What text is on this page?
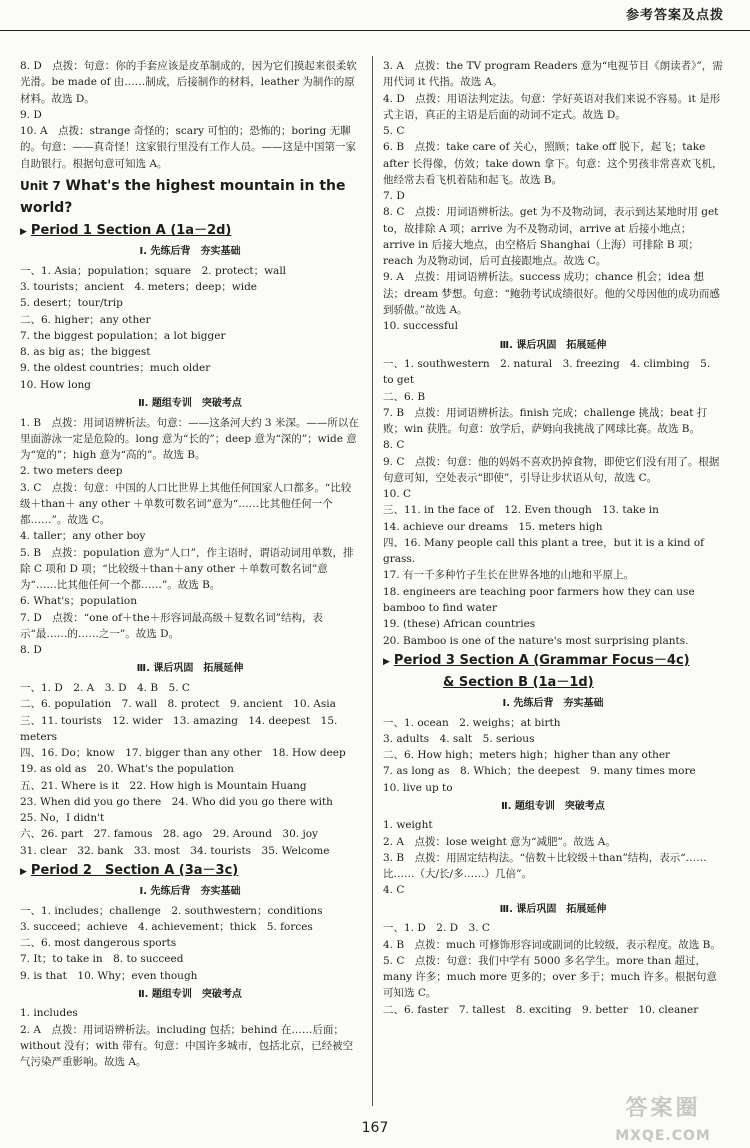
参考答案及点拨

8. D　点拨：句意：你的手套应该是皮革制成的，因为它们摸起来很柔软光滑。be made of 由……制成，后接制作的材料，leather 为制作的原材料。故选 D。

9. D

10. A　点拨：strange 奇怪的；scary 可怕的；恐怖的；boring 无聊的。句意：——真奇怪！这家银行里没有工作人员。——这是中国第一家自助银行。根据句意可知选 A。

Unit 7 What's the highest mountain in the world?
▶ Period 1 Section A (1a－2d)
Ⅰ. 先练后背　夯实基础

一、1. Asia；population；square　2. protect；wall

3. tourists；ancient　4. meters；deep；wide

5. desert；tour/trip

二、6. higher；any other

7. the biggest population；a lot bigger

8. as big as；the biggest

9. the oldest countries；much older

10. How long

Ⅱ. 题组专训　突破考点

1. B　点拨：用词语辨析法。句意：——这条河大约 3 米深。——所以在里面游泳一定是危险的。long 意为“长的”；deep 意为“深的”；wide 意为“宽的”；high 意为“高的”。故选 B。

2. two meters deep

3. C　点拨：句意：中国的人口比世界上其他任何国家人口都多。“比较级＋than＋ any other ＋单数可数名词”意为“……比其他任何一个都……”。故选 C。

4. taller；any other boy

5. B　点拨：population 意为“人口”，作主语时，谓语动词用单数，排除 C 项和 D 项；“比较级＋than＋any other ＋单数可数名词”意为“……比其他任何一个都……”。故选 B。

6. What's；population

7. D　点拨：“one of＋the＋形容词最高级＋复数名词”结构，表示“最……的……之一”。故选 D。

8. D

Ⅲ. 课后巩固　拓展延伸

一、1. D　2. A　3. D　4. B　5. C

二、6. population　7. wall　8. protect　9. ancient　10. Asia

三、11. tourists　12. wider　13. amazing　14. deepest　15. meters

四、16. Do；know　17. bigger than any other　18. How deep

19. as old as　20. What's the population

五、21. Where is it　22. How high is Mountain Huang

23. When did you go there　24. Who did you go there with

25. No，I didn't

六、26. part　27. famous　28. ago　29. Around　30. joy

31. clear　32. bank　33. most　34. tourists　35. Welcome

▶ Period 2　Section A (3a－3c)
Ⅰ. 先练后背　夯实基础

一、1. includes；challenge　2. southwestern；conditions

3. succeed；achieve　4. achievement；thick　5. forces

二、6. most dangerous sports

7. It；to take in　8. to succeed

9. is that　10. Why；even though

Ⅱ. 题组专训　突破考点

1. includes

2. A　点拨：用词语辨析法。including 包括；behind 在……后面；without 没有；with 带有。句意：中国许多城市，包括北京，已经被空气污染严重影响。故选 A。

3. A　点拨：the TV program Readers 意为“电视节目《朗读者》”，需用代词 it 代指。故选 A。

4. D　点拨：用语法判定法。句意：学好英语对我们来说不容易。it 是形式主语，真正的主语是后面的动词不定式。故选 D。

5. C

6. B　点拨：take care of 关心，照顾；take off 脱下，起飞；take after 长得像，仿效；take down 拿下。句意：这个男孩非常喜欢飞机，他经常去看飞机着陆和起飞。故选 B。

7. D

8. C　点拨：用词语辨析法。get 为不及物动词，表示到达某地时用 get to，故排除 A 项；arrive 为不及物动词，arrive at 后接小地点；arrive in 后接大地点，由空格后 Shanghai（上海）可排除 B 项；reach 为及物动词，后可直接跟地点。故选 C。

9. A　点拨：用词语辨析法。success 成功；chance 机会；idea 想法；dream 梦想。句意：“鲍勃考试成绩很好。他的父母因他的成功而感到骄傲。”故选 A。

10. successful

Ⅲ. 课后巩固　拓展延伸

一、1. southwestern　2. natural　3. freezing　4. climbing　5. to get

二、6. B

7. B　点拨：用词语辨析法。finish 完成；challenge 挑战；beat 打败；win 获胜。句意：放学后，萨姆向我挑战了网球比赛。故选 B。

8. C

9. C　点拨：句意：他的妈妈不喜欢扔掉食物，即使它们没有用了。根据句意可知，空处表示“即使”，引导让步状语从句，故选 C。

10. C

三、11. in the face of　12. Even though　13. take in

14. achieve our dreams　15. meters high

四、16. Many people call this plant a tree，but it is a kind of grass.

17. 有一千多种竹子生长在世界各地的山地和平原上。

18. engineers are teaching poor farmers how they can use bamboo to find water

19. (these) African countries

20. Bamboo is one of the nature's most surprising plants.

▶ Period 3 Section A (Grammar Focus－4c)
& Section B (1a－1d)
Ⅰ. 先练后背　夯实基础

一、1. ocean　2. weighs；at birth

3. adults　4. salt　5. serious

二、6. How high；meters high；higher than any other

7. as long as　8. Which；the deepest　9. many times more

10. live up to

Ⅱ. 题组专训　突破考点

1. weight

2. A　点拨：lose weight 意为“减肥”。故选 A。

3. B　点拨：用固定结构法。“倍数＋比较级＋than”结构，表示“……比……（大/长/多……）几倍”。

4. C

Ⅲ. 课后巩固　拓展延伸

一、1. D　2. D　3. C

4. B　点拨：much 可修饰形容词或副词的比较级，表示程度。故选 B。

5. C　点拨：句意：我们中学有 5000 多名学生。more than 超过，many 许多；much more 更多的；over 多于；much 许多。根据句意可知选 C。

二、6. faster　7. tallest　8. exciting　9. better　10. cleaner

167
答案圈
MXQE.COM
